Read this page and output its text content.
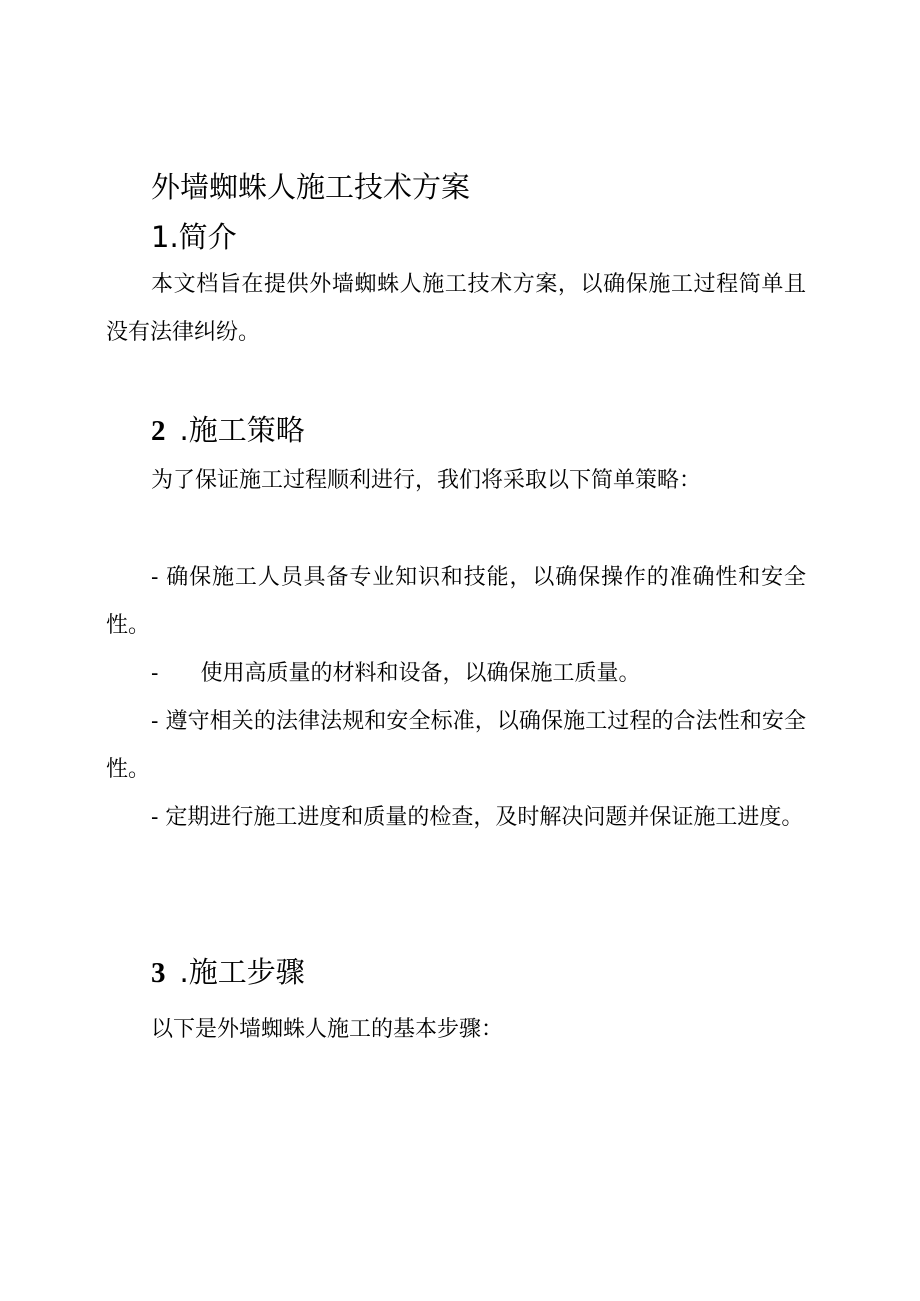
外墙蜘蛛人施工技术方案
1.简介

本文档旨在提供外墙蜘蛛人施工技术方案，以确保施工过程简单且没有法律纠纷。

2 .施工策略

为了保证施工过程顺利进行，我们将采取以下简单策略：

- 确保施工人员具备专业知识和技能，以确保操作的准确性和安全性。

- 使用高质量的材料和设备，以确保施工质量。

- 遵守相关的法律法规和安全标准，以确保施工过程的合法性和安全性。

- 定期进行施工进度和质量的检查，及时解决问题并保证施工进度。

3 .施工步骤

以下是外墙蜘蛛人施工的基本步骤：
